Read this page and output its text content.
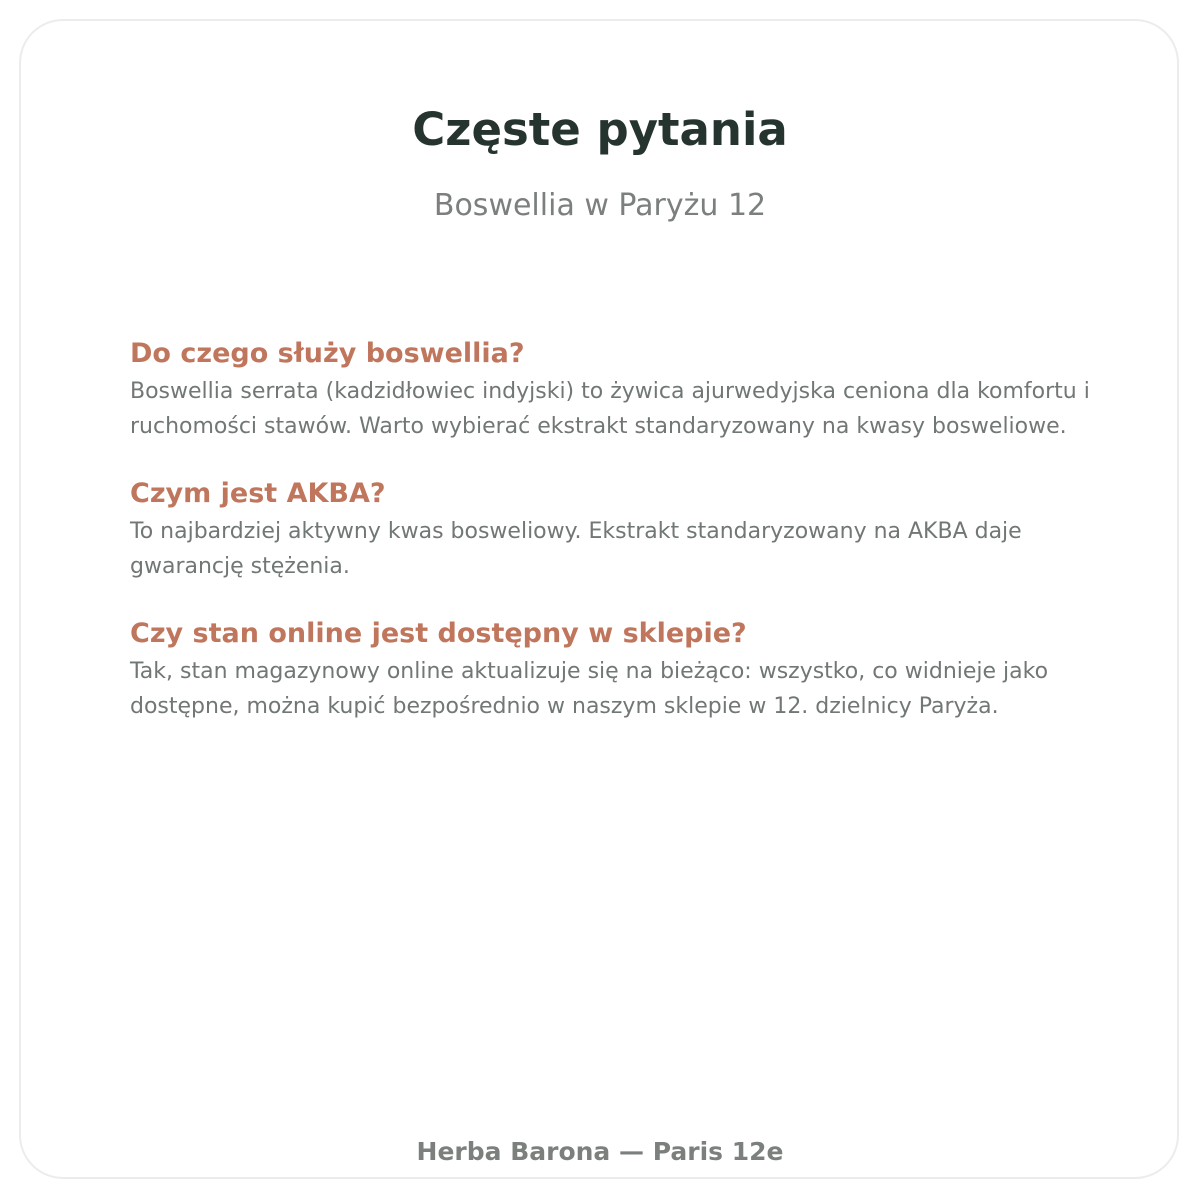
Częste pytania

Boswellia w Paryżu 12

Do czego służy boswellia?

Boswellia serrata (kadzidłowiec indyjski) to żywica ajurwedyjska ceniona dla komfortu i ruchomości stawów. Warto wybierać ekstrakt standaryzowany na kwasy bosweliowe.

Czym jest AKBA?

To najbardziej aktywny kwas bosweliowy. Ekstrakt standaryzowany na AKBA daje gwarancję stężenia.

Czy stan online jest dostępny w sklepie?

Tak, stan magazynowy online aktualizuje się na bieżąco: wszystko, co widnieje jako dostępne, można kupić bezpośrednio w naszym sklepie w 12. dzielnicy Paryża.

Herba Barona — Paris 12e
